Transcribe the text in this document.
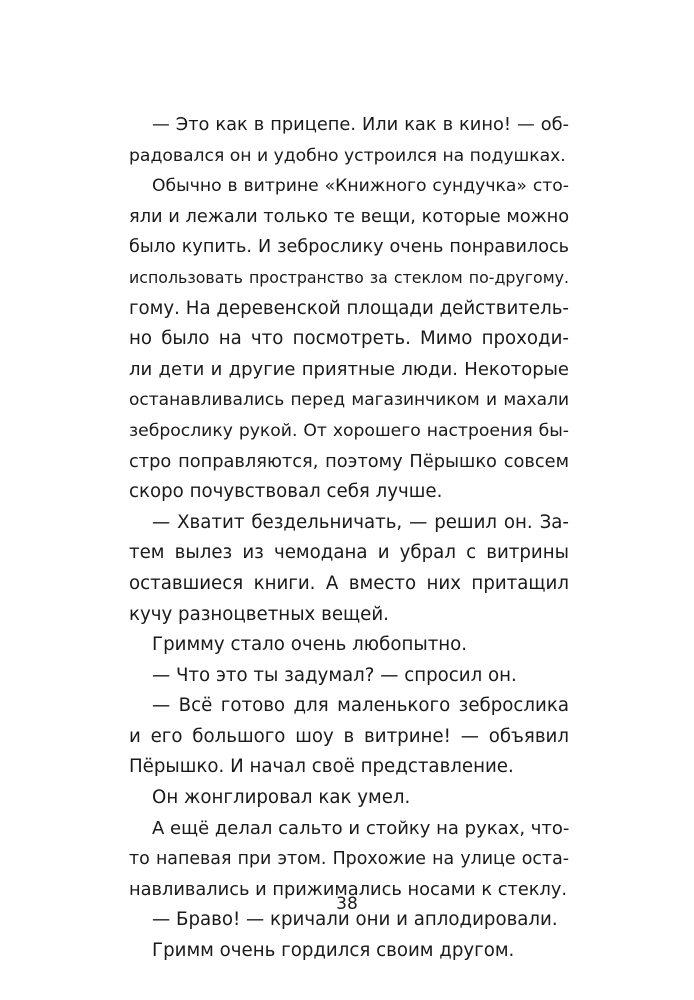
— Это как в прицепе. Или как в кино! — об-
радовался он и удобно устроился на подушках.
Обычно в витрине «Книжного сундучка» сто-
яли и лежали только те вещи, которые можно
было купить. И зеброслику очень понравилось
использовать пространство за стеклом по-другому.
гому. На деревенской площади действитель-
но было на что посмотреть. Мимо проходи-
ли дети и другие приятные люди. Некоторые
останавливались перед магазинчиком и махали
зеброслику рукой. От хорошего настроения бы-
стро поправляются, поэтому Пёрышко совсем
скоро почувствовал себя лучше.
— Хватит бездельничать, — решил он. За-
тем вылез из чемодана и убрал с витрины
оставшиеся книги. А вместо них притащил
кучу разноцветных вещей.
Гримму стало очень любопытно.
— Что это ты задумал? — спросил он.
— Всё готово для маленького зеброслика
и его большого шоу в витрине! — объявил
Пёрышко. И начал своё представление.
Он жонглировал как умел.
А ещё делал сальто и стойку на руках, что-
то напевая при этом. Прохожие на улице оста-
навливались и прижимались носами к стеклу.
— Браво! — кричали они и аплодировали.
Гримм очень гордился своим другом.
38
